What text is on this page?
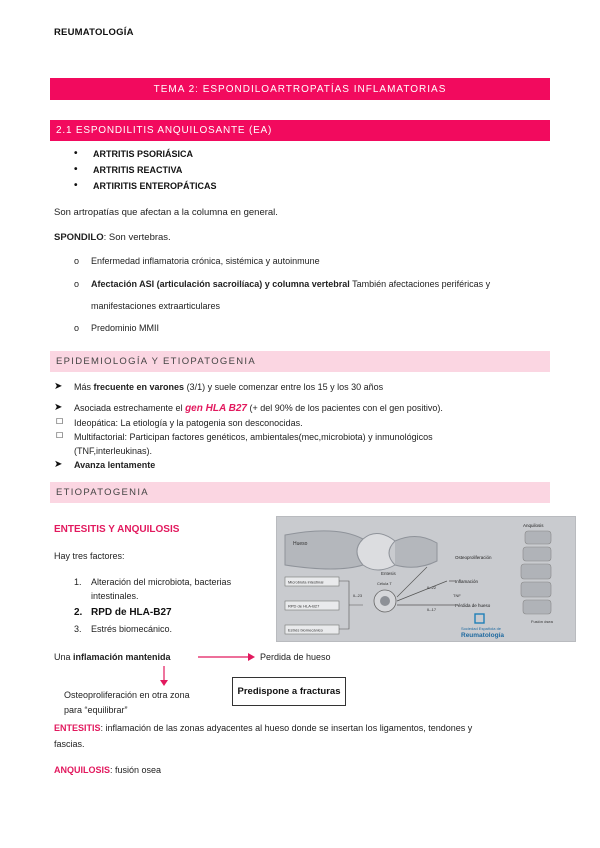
REUMATOLOGÍA
TEMA 2: ESPONDILOARTROPATÍAS INFLAMATORIAS
2.1 ESPONDILITIS ANQUILOSANTE (EA)
• ARTRITIS PSORIÁSICA
• ARTRITIS REACTIVA
• ARTIRITIS ENTEROPÁTICAS
Son artropatías que afectan a la columna en general.
SPONDILO: Son vertebras.
o Enfermedad inflamatoria crónica, sistémica y autoinmune
o Afectación ASI (articulación sacroilíaca) y columna vertebral También afectaciones periféricas y
manifestaciones extraarticulares
o Predominio MMII
EPIDEMIOLOGÍA Y ETIOPATOGENIA
➤ Más frecuente en varones (3/1) y suele comenzar entre los 15 y los 30 años
➤ Asociada estrechamente el gen HLA B27 (+ del 90% de los pacientes con el gen positivo).
☐ Ideopática: La etiología y la patogenia son desconocidas.
☐ Multifactorial: Participan factores genéticos, ambientales(mec,microbiota) y inmunológicos
(TNF,interleukinas).
➤ Avanza lentamente
ETIOPATOGENIA
ENTESITIS Y ANQUILOSIS
Hay tres factores:
1. Alteración del microbiota, bacterias
intestinales.
2. RPD de HLA-B27
3. Estrés biomecánico.
Hueso
Entesis
Microbiota intestinal
RPD de HLA-B27
Estrés biomecánico
Célula T
IL-23
IL-22
IL-17
TNF
Osteoproliferación
Inflamación
Pérdida de hueso
Anquilosis
Fusión ósea
Sociedad Española de
Reumatología
Una inflamación mantenida	Perdida de hueso
Predispone a fracturas
Osteoproliferación en otra zona
para “equilibrar”
ENTESITIS: inflamación de las zonas adyacentes al hueso donde se insertan los ligamentos, tendones y
fascias.
ANQUILOSIS: fusión osea
